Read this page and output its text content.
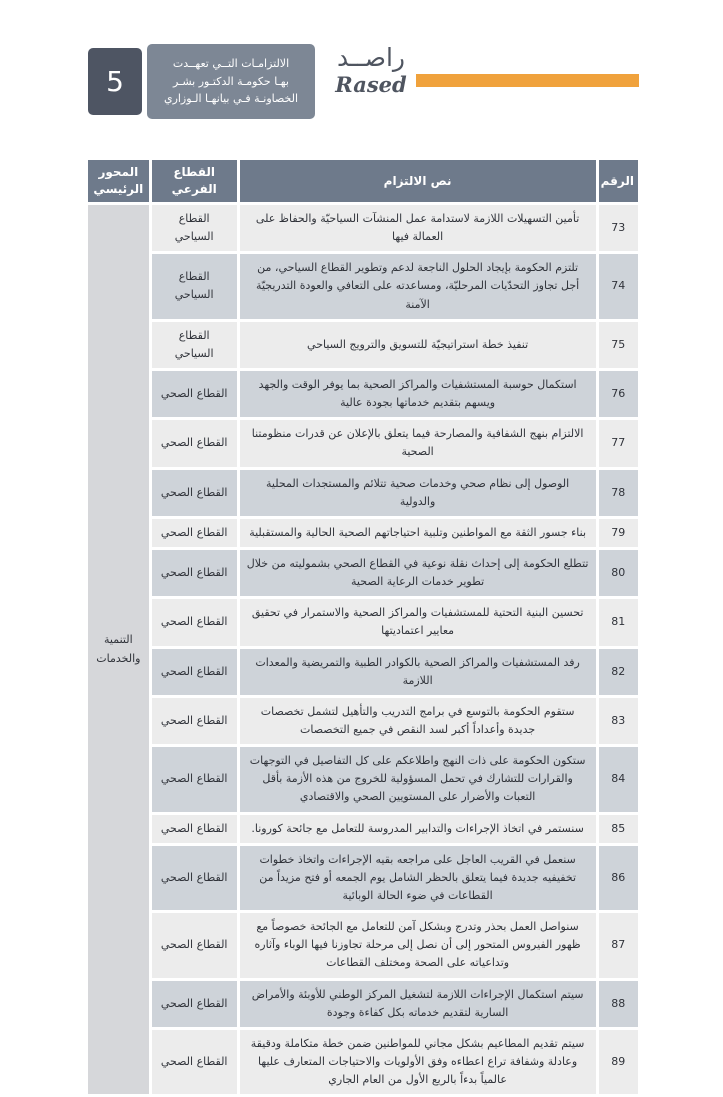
5
الالتزامـات التــي تعهــدت
بهـا حكومـة الدكتـور بشـر
الخصاونـة فـي بيانهـا الـوزاري
راصــد
Rased
الرقم	نص الالتزام	القطاع الفرعي	المحور الرئيسي
73	تأمين التسهيلات اللازمة لاستدامة عمل المنشآت السياحيّة والحفاظ على العمالة فيها	القطاع السياحي	التنمية والخدمات
74	تلتزم الحكومة بإيجاد الحلول الناجعة لدعم وتطوير القطاع السياحي، من أجل تجاوز التحدّيات المرحليّة، ومساعدته على التعافي والعودة التدريجيّة الآمنة	القطاع السياحي	
75	تنفيذ خطة استراتيجيّة للتسويق والترويج السياحي	القطاع السياحي	
76	استكمال حوسبة المستشفيات والمراكز الصحية بما يوفر الوقت والجهد ويسهم بتقديم خدماتها بجودة عالية	القطاع الصحي	
77	الالتزام بنهج الشفافية والمصارحة فيما يتعلق بالإعلان عن قدرات منظومتنا الصحية	القطاع الصحي	
78	الوصول إلى نظام صحي وخدمات صحية تتلائم والمستجدات المحلية والدولية	القطاع الصحي	
79	بناء جسور الثقة مع المواطنين وتلبية احتياجاتهم الصحية الحالية والمستقبلية	القطاع الصحي	
80	تتطلع الحكومة إلى إحداث نقلة نوعية في القطاع الصحي بشموليته من خلال تطوير خدمات الرعاية الصحية	القطاع الصحي	
81	تحسين البنية التحتية للمستشفيات والمراكز الصحية والاستمرار في تحقيق معايير اعتماديتها	القطاع الصحي	
82	رفد المستشفيات والمراكز الصحية بالكوادر الطبية والتمريضية والمعدات اللازمة	القطاع الصحي	
83	ستقوم الحكومة بالتوسع في برامج التدريب والتأهيل لتشمل تخصصات جديدة وأعداداً أكبر لسد النقص في جميع التخصصات	القطاع الصحي	
84	ستكون الحكومة على ذات النهج واطلاعكم على كل التفاصيل في التوجهات والقرارات للتشارك في تحمل المسؤولية للخروج من هذه الأزمة بأقل التعبات والأضرار على المستويين الصحي والاقتصادي	القطاع الصحي	
85	سنستمر في اتخاذ الإجراءات والتدابير المدروسة للتعامل مع جائحة كورونا.	القطاع الصحي	
86	سنعمل في القريب العاجل على مراجعه بقيه الإجراءات واتخاذ خطوات تخفيفيه جديدة فيما يتعلق بالحظر الشامل يوم الجمعه أو فتح مزيداً من القطاعات في ضوء الحالة الوبائية	القطاع الصحي	
87	سنواصل العمل بحذر وتدرج وبشكل آمن للتعامل مع الجائحة خصوصاً مع ظهور الفيروس المتحور إلى أن نصل إلى مرحلة تجاوزنا فيها الوباء وآثاره وتداعياته على الصحة ومختلف القطاعات	القطاع الصحي	
88	سيتم استكمال الإجراءات اللازمة لتشغيل المركز الوطني للأوبئة والأمراض السارية لتقديم خدماته بكل كفاءة وجودة	القطاع الصحي	
89	سيتم تقديم المطاعيم بشكل مجاني للمواطنين ضمن خطة متكاملة ودقيقة وعادلة وشفافة تراع اعطاءه وفق الأولويات والاحتياجات المتعارف عليها عالمياً بدءاً بالربع الأول من العام الجاري	القطاع الصحي	
